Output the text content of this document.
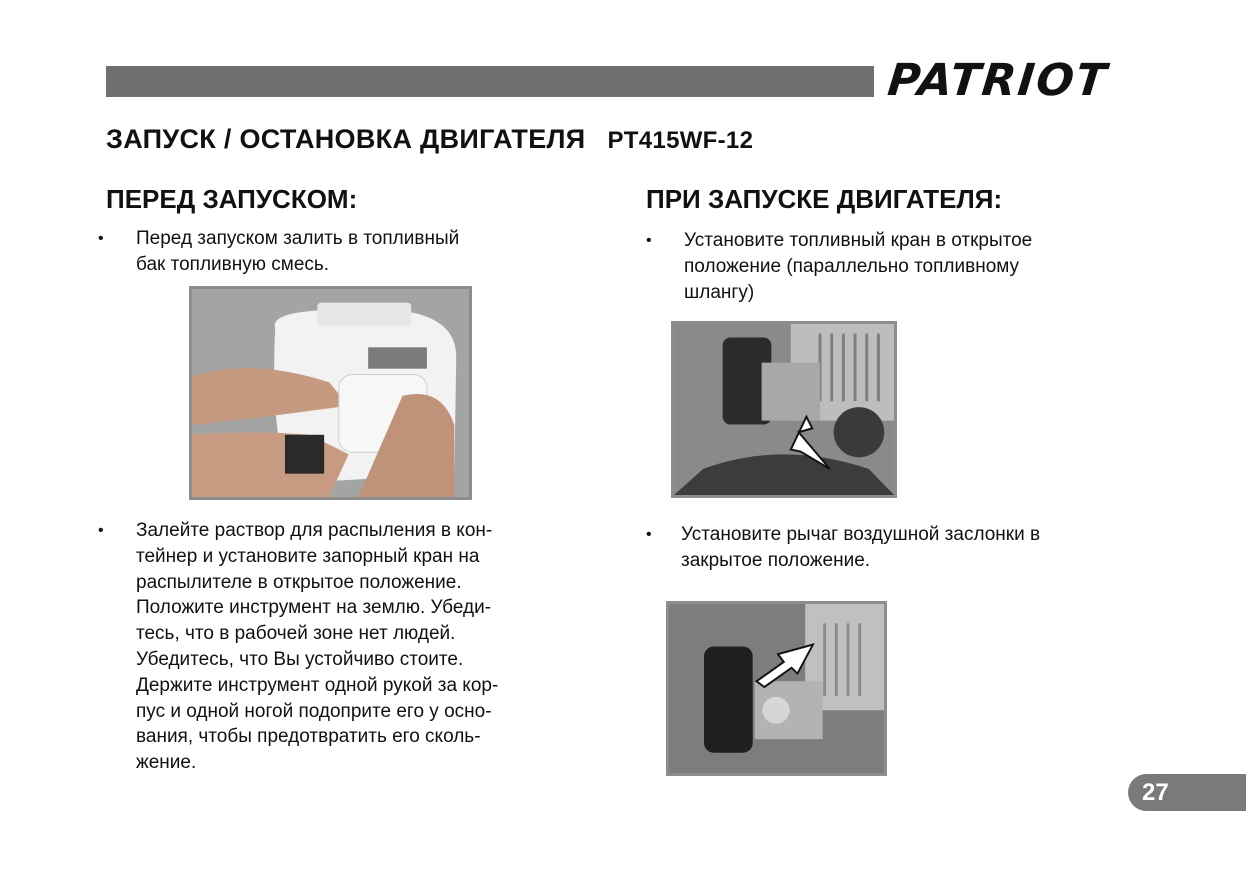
PATRIOT
ЗАПУСК / ОСТАНОВКА ДВИГАТЕЛЯ PT415WF-12
ПЕРЕД ЗАПУСКОМ:
• Перед запуском залить в топливный
бак топливную смесь.
• Залейте раствор для распыления в кон-
тейнер и установите запорный кран на
распылителе в открытое положение.
Положите инструмент на землю. Убеди-
тесь, что в рабочей зоне нет людей.
Убедитесь, что Вы устойчиво стоите.
Держите инструмент одной рукой за кор-
пус и одной ногой подоприте его у осно-
вания, чтобы предотвратить его сколь-
жение.
ПРИ ЗАПУСКЕ ДВИГАТЕЛЯ:
• Установите топливный кран в открытое
положение (параллельно топливному
шлангу)
• Установите рычаг воздушной заслонки в
закрытое положение.
27
